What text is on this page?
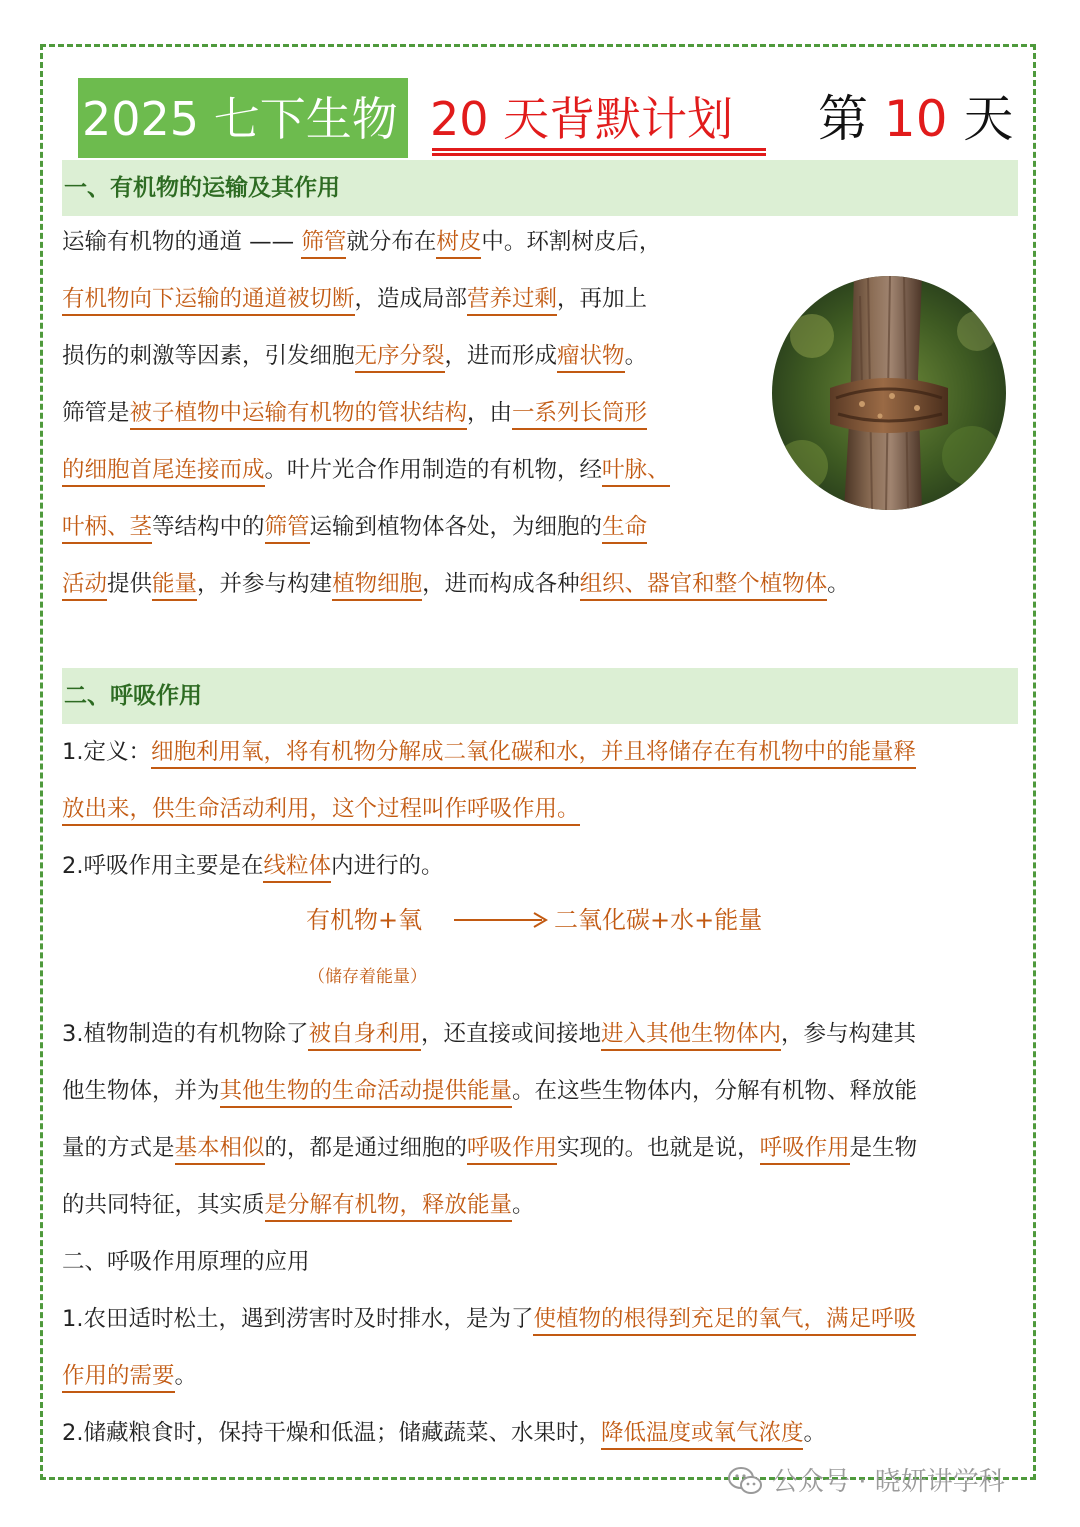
2025 七下生物 20 天背默计划 第 10 天
一、有机物的运输及其作用
运输有机物的通道 —— 筛管就分布在树皮中。环割树皮后，
有机物向下运输的通道被切断，造成局部营养过剩，再加上
损伤的刺激等因素，引发细胞无序分裂，进而形成瘤状物。
筛管是被子植物中运输有机物的管状结构，由一系列长筒形
的细胞首尾连接而成。叶片光合作用制造的有机物，经叶脉、
叶柄、茎等结构中的筛管运输到植物体各处，为细胞的生命
活动提供能量，并参与构建植物细胞，进而构成各种组织、器官和整个植物体。
二、呼吸作用
1.定义：细胞利用氧，将有机物分解成二氧化碳和水，并且将储存在有机物中的能量释
放出来，供生命活动利用，这个过程叫作呼吸作用。
2.呼吸作用主要是在线粒体内进行的。
有机物+氧	二氧化碳+水+能量
（储存着能量）
3.植物制造的有机物除了被自身利用，还直接或间接地进入其他生物体内，参与构建其
他生物体，并为其他生物的生命活动提供能量。在这些生物体内，分解有机物、释放能
量的方式是基本相似的，都是通过细胞的呼吸作用实现的。也就是说，呼吸作用是生物
的共同特征，其实质是分解有机物，释放能量。
二、呼吸作用原理的应用
1.农田适时松土，遇到涝害时及时排水，是为了使植物的根得到充足的氧气，满足呼吸
作用的需要。
2.储藏粮食时，保持干燥和低温；储藏蔬菜、水果时，降低温度或氧气浓度。
公众号 · 晓妍讲学科
